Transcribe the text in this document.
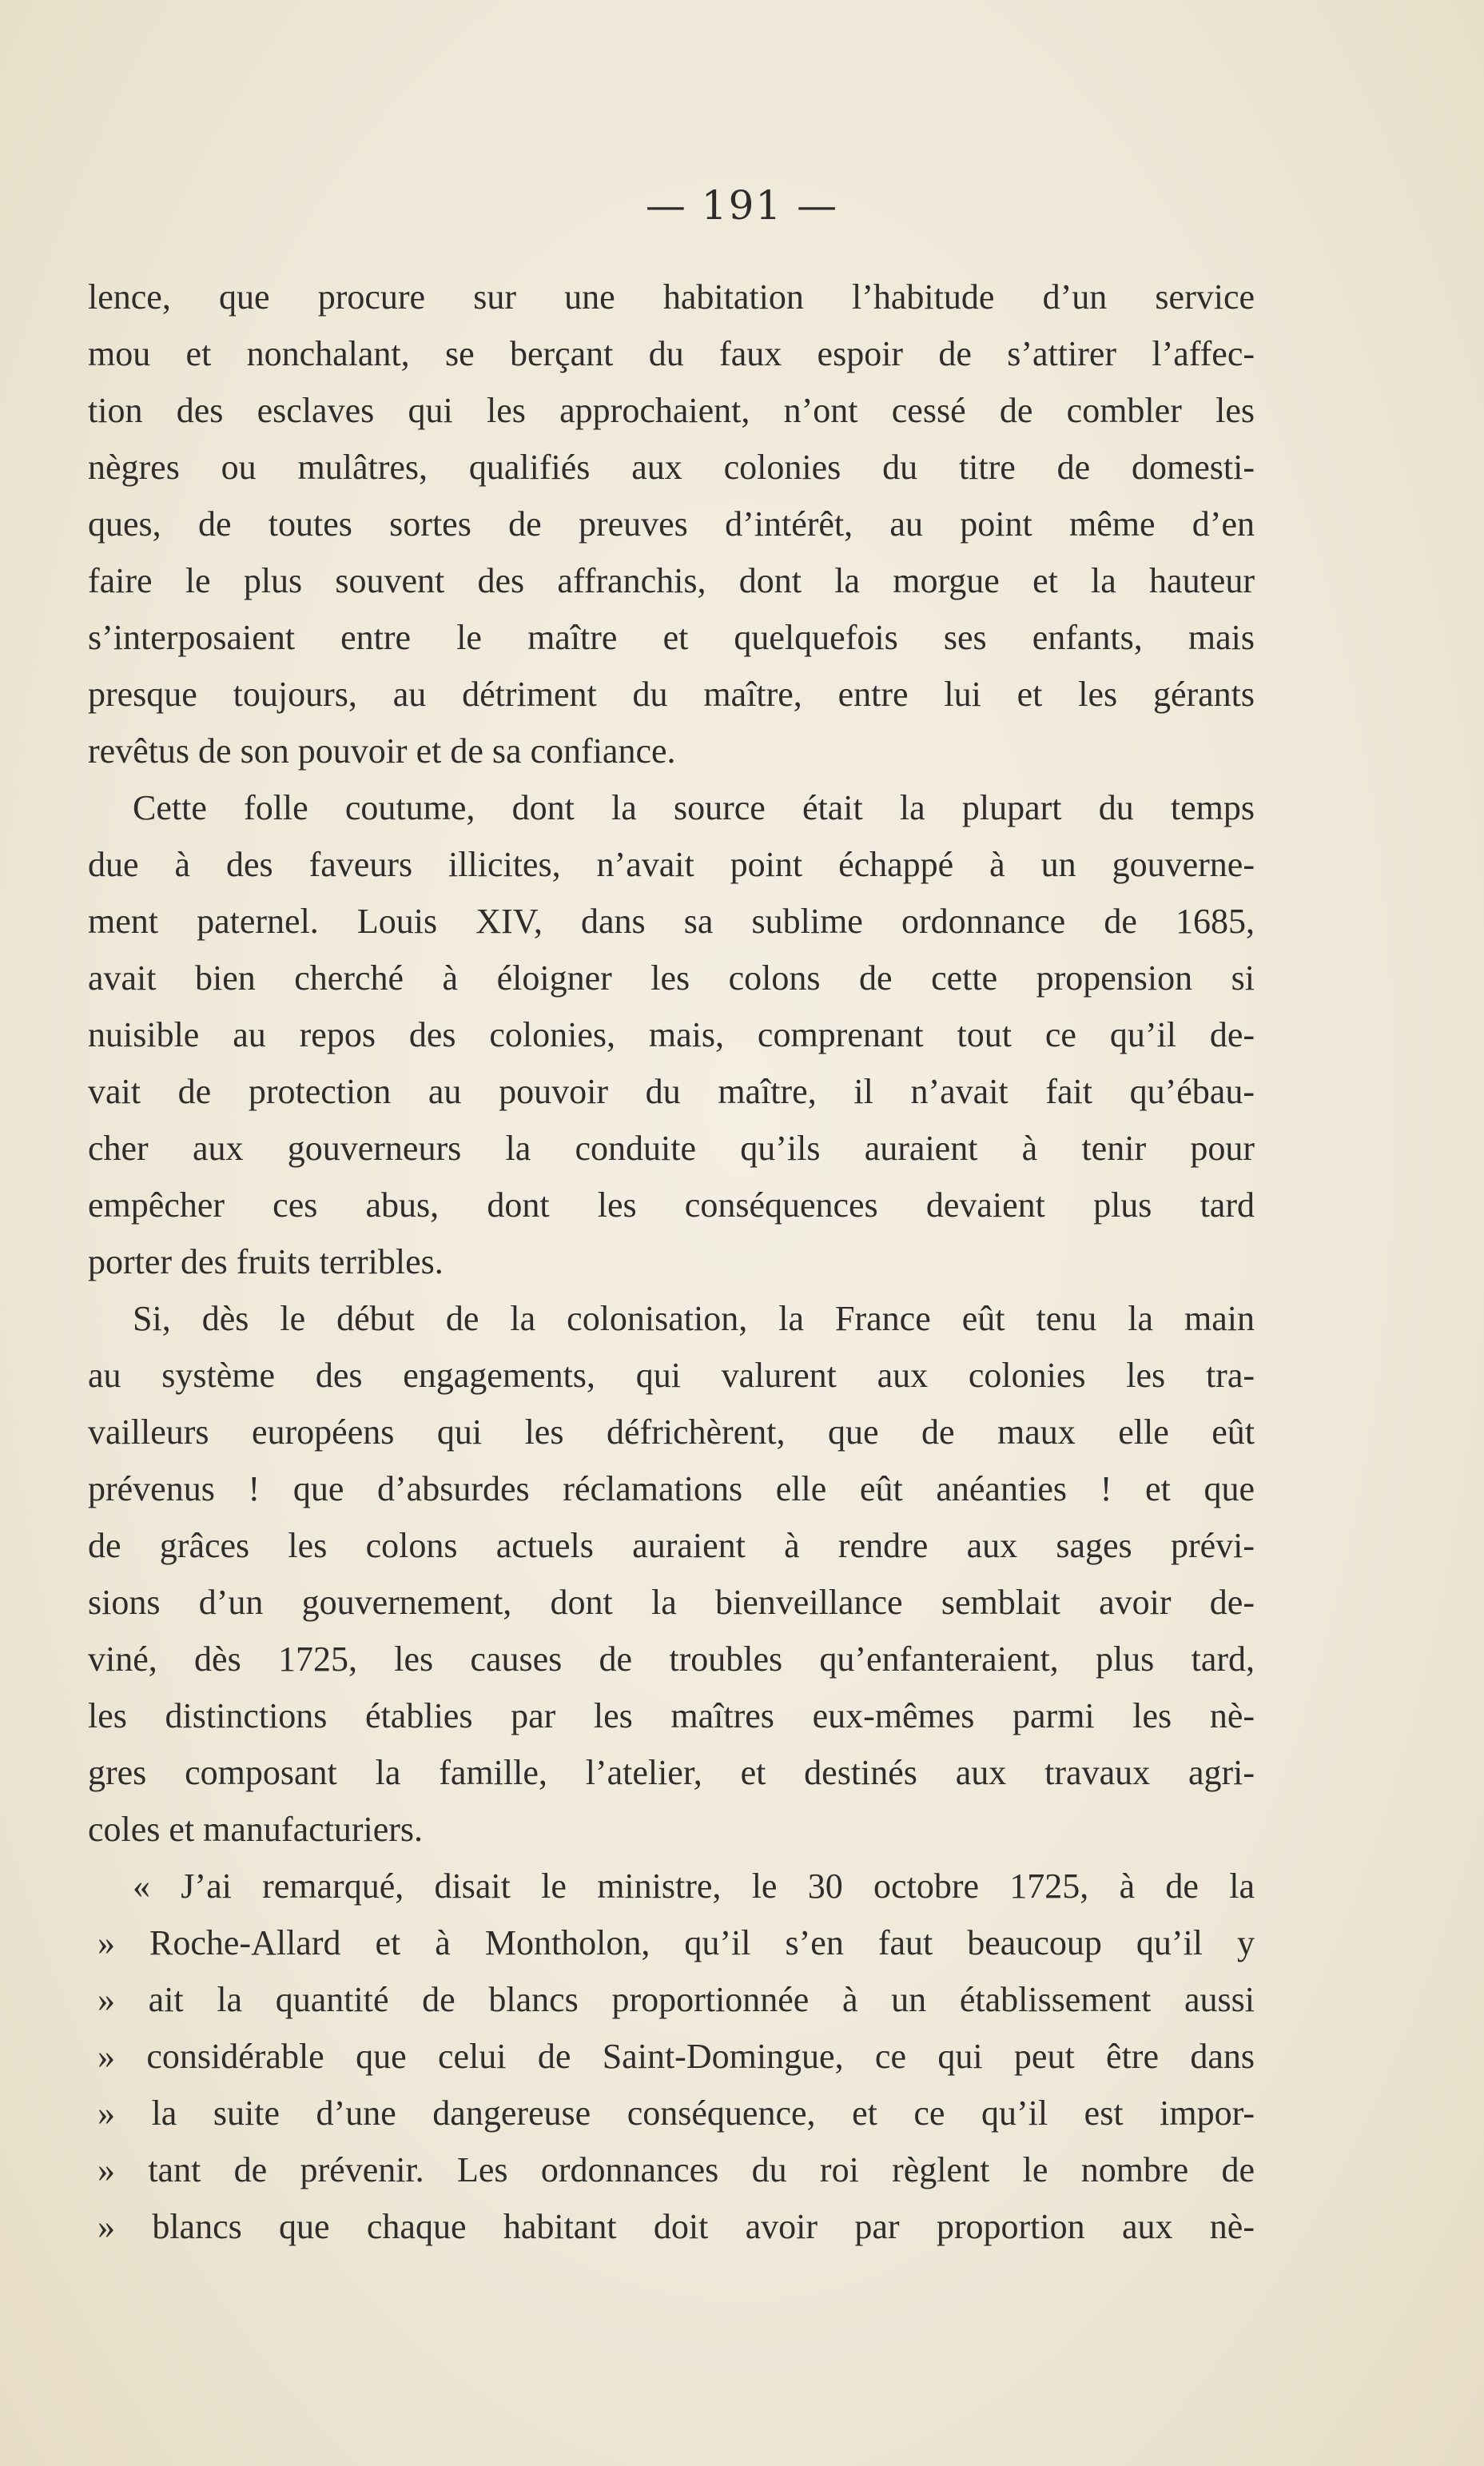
— 191 —
lence, que procure sur une habitation l’habitude d’un service
mou et nonchalant, se berçant du faux espoir de s’attirer l’affec-
tion des esclaves qui les approchaient, n’ont cessé de combler les
nègres ou mulâtres, qualifiés aux colonies du titre de domesti-
ques, de toutes sortes de preuves d’intérêt, au point même d’en
faire le plus souvent des affranchis, dont la morgue et la hauteur
s’interposaient entre le maître et quelquefois ses enfants, mais
presque toujours, au détriment du maître, entre lui et les gérants
revêtus de son pouvoir et de sa confiance.
Cette folle coutume, dont la source était la plupart du temps
due à des faveurs illicites, n’avait point échappé à un gouverne-
ment paternel. Louis XIV, dans sa sublime ordonnance de 1685,
avait bien cherché à éloigner les colons de cette propension si
nuisible au repos des colonies, mais, comprenant tout ce qu’il de-
vait de protection au pouvoir du maître, il n’avait fait qu’ébau-
cher aux gouverneurs la conduite qu’ils auraient à tenir pour
empêcher ces abus, dont les conséquences devaient plus tard
porter des fruits terribles.
Si, dès le début de la colonisation, la France eût tenu la main
au système des engagements, qui valurent aux colonies les tra-
vailleurs européens qui les défrichèrent, que de maux elle eût
prévenus ! que d’absurdes réclamations elle eût anéanties ! et que
de grâces les colons actuels auraient à rendre aux sages prévi-
sions d’un gouvernement, dont la bienveillance semblait avoir de-
viné, dès 1725, les causes de troubles qu’enfanteraient, plus tard,
les distinctions établies par les maîtres eux-mêmes parmi les nè-
gres composant la famille, l’atelier, et destinés aux travaux agri-
coles et manufacturiers.
« J’ai remarqué, disait le ministre, le 30 octobre 1725, à de la
» Roche-Allard et à Montholon, qu’il s’en faut beaucoup qu’il y
» ait la quantité de blancs proportionnée à un établissement aussi
» considérable que celui de Saint-Domingue, ce qui peut être dans
» la suite d’une dangereuse conséquence, et ce qu’il est impor-
» tant de prévenir. Les ordonnances du roi règlent le nombre de
» blancs que chaque habitant doit avoir par proportion aux nè-
